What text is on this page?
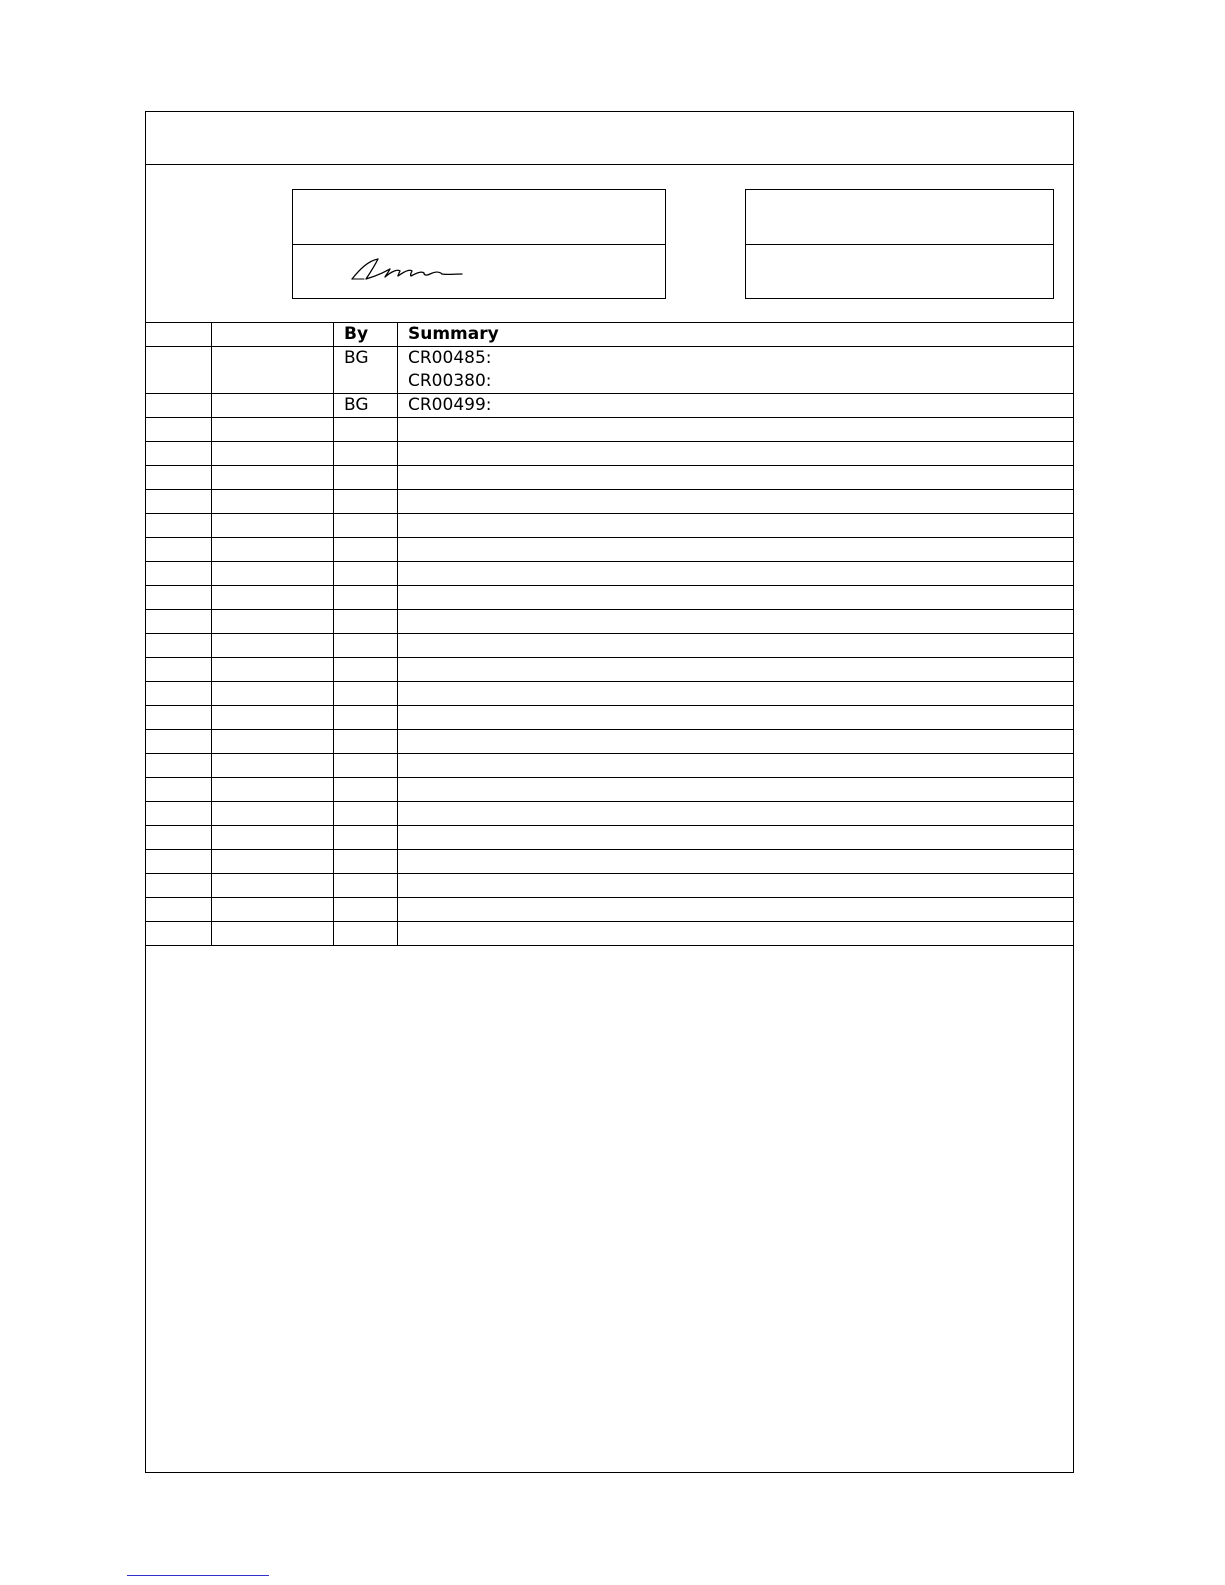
		By	Summary
		BG	CR00485:
CR00380:

		BG	CR00499:
